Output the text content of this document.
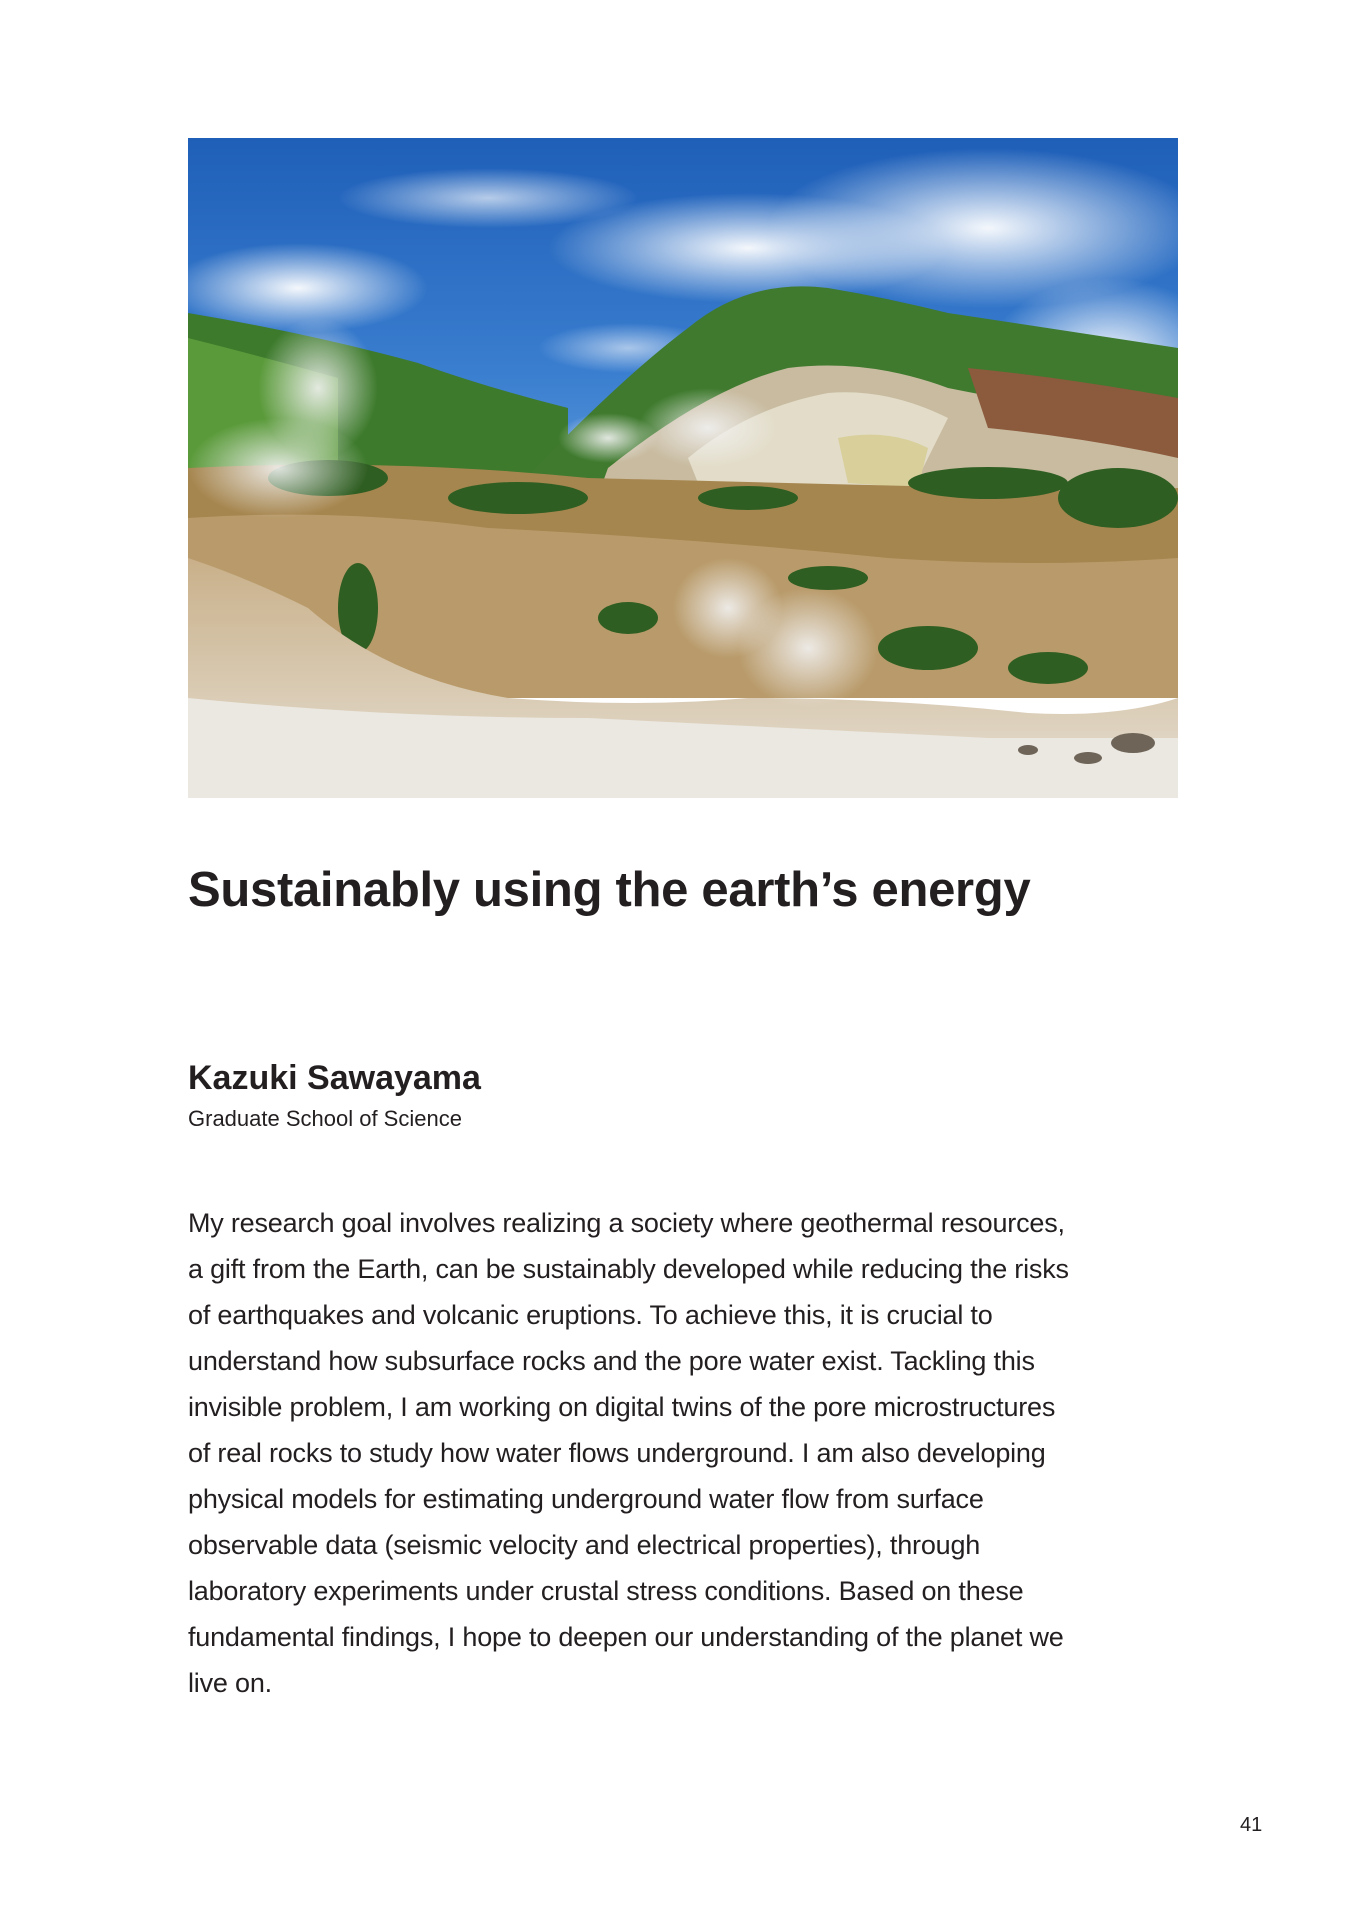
Sustainably using the earth’s energy

Kazuki Sawayama

Graduate School of Science

My research goal involves realizing a society where geothermal resources,
a gift from the Earth, can be sustainably developed while reducing the risks
of earthquakes and volcanic eruptions. To achieve this, it is crucial to
understand how subsurface rocks and the pore water exist. Tackling this
invisible problem, I am working on digital twins of the pore microstructures
of real rocks to study how water flows underground. I am also developing
physical models for estimating underground water flow from surface
observable data (seismic velocity and electrical properties), through
laboratory experiments under crustal stress conditions. Based on these
fundamental findings, I hope to deepen our understanding of the planet we
live on.

41
